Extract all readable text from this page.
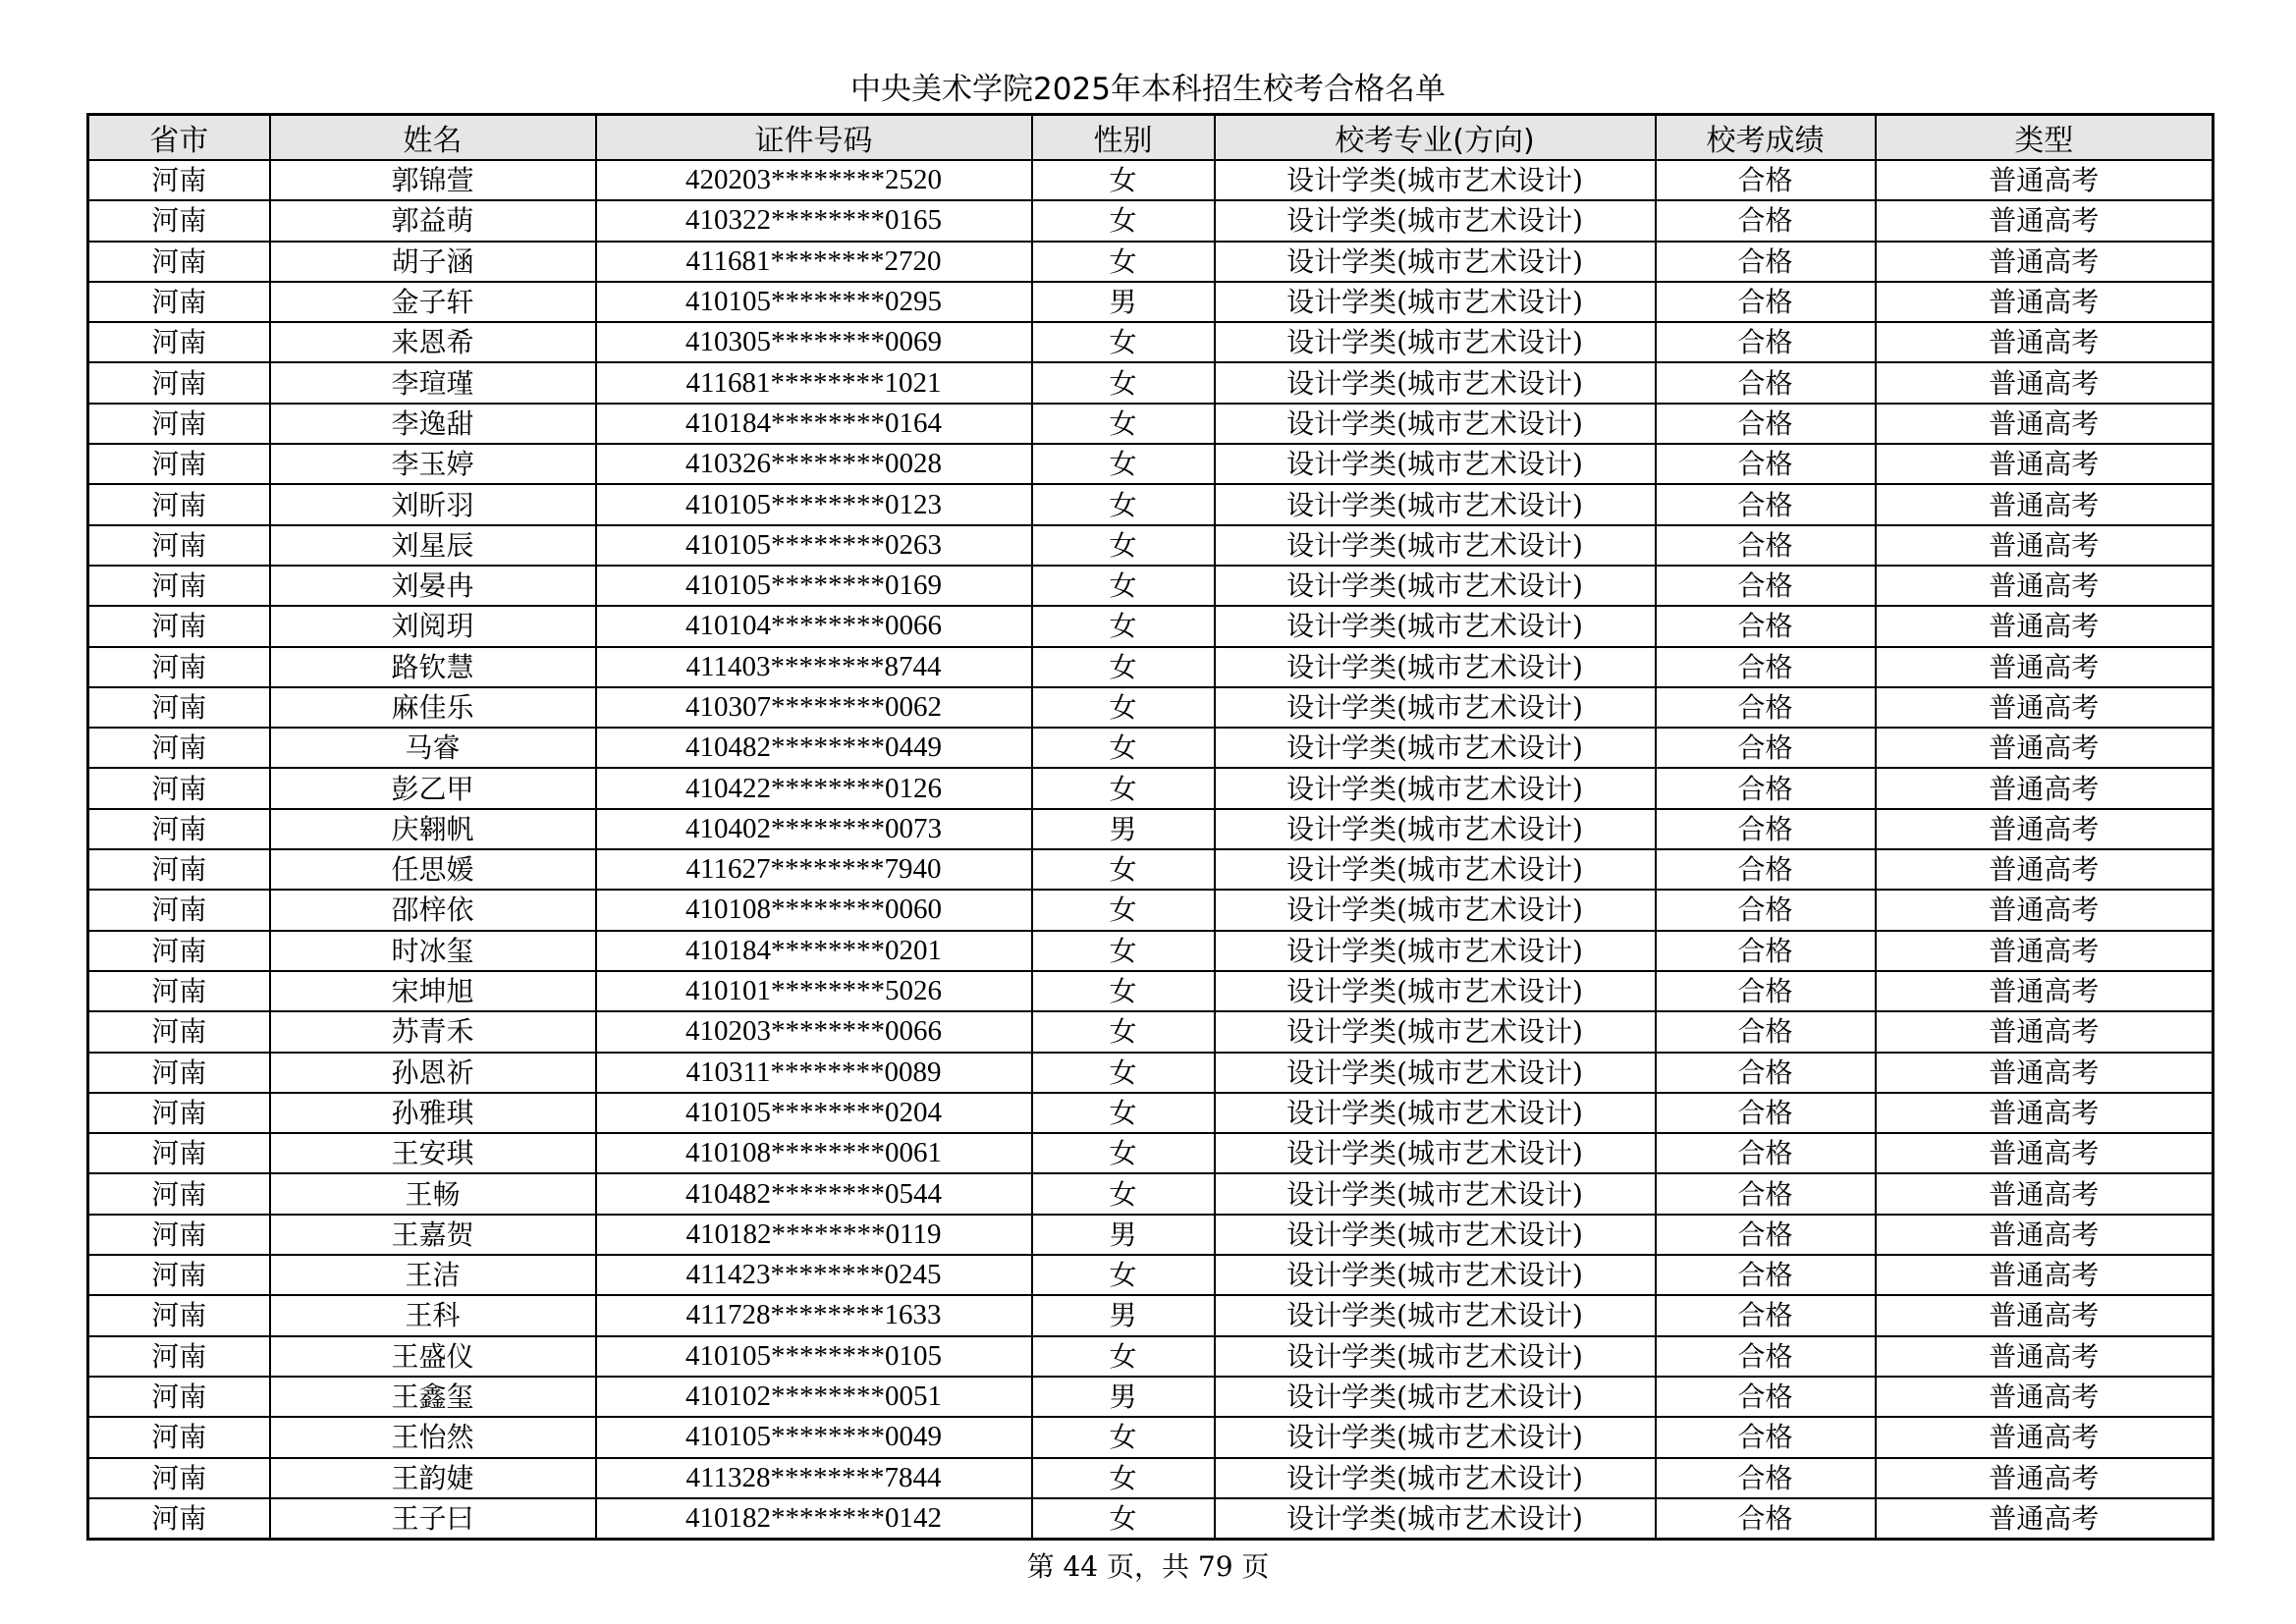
中央美术学院2025年本科招生校考合格名单
省市	姓名	证件号码	性别	校考专业(方向)	校考成绩	类型
河南	郭锦萱	420203********2520	女	设计学类(城市艺术设计)	合格	普通高考
河南	郭益萌	410322********0165	女	设计学类(城市艺术设计)	合格	普通高考
河南	胡子涵	411681********2720	女	设计学类(城市艺术设计)	合格	普通高考
河南	金子轩	410105********0295	男	设计学类(城市艺术设计)	合格	普通高考
河南	来恩希	410305********0069	女	设计学类(城市艺术设计)	合格	普通高考
河南	李瑄瑾	411681********1021	女	设计学类(城市艺术设计)	合格	普通高考
河南	李逸甜	410184********0164	女	设计学类(城市艺术设计)	合格	普通高考
河南	李玉婷	410326********0028	女	设计学类(城市艺术设计)	合格	普通高考
河南	刘昕羽	410105********0123	女	设计学类(城市艺术设计)	合格	普通高考
河南	刘星辰	410105********0263	女	设计学类(城市艺术设计)	合格	普通高考
河南	刘晏冉	410105********0169	女	设计学类(城市艺术设计)	合格	普通高考
河南	刘阅玥	410104********0066	女	设计学类(城市艺术设计)	合格	普通高考
河南	路钦慧	411403********8744	女	设计学类(城市艺术设计)	合格	普通高考
河南	麻佳乐	410307********0062	女	设计学类(城市艺术设计)	合格	普通高考
河南	马睿	410482********0449	女	设计学类(城市艺术设计)	合格	普通高考
河南	彭乙甲	410422********0126	女	设计学类(城市艺术设计)	合格	普通高考
河南	庆翱帆	410402********0073	男	设计学类(城市艺术设计)	合格	普通高考
河南	任思媛	411627********7940	女	设计学类(城市艺术设计)	合格	普通高考
河南	邵梓依	410108********0060	女	设计学类(城市艺术设计)	合格	普通高考
河南	时冰玺	410184********0201	女	设计学类(城市艺术设计)	合格	普通高考
河南	宋坤旭	410101********5026	女	设计学类(城市艺术设计)	合格	普通高考
河南	苏青禾	410203********0066	女	设计学类(城市艺术设计)	合格	普通高考
河南	孙恩祈	410311********0089	女	设计学类(城市艺术设计)	合格	普通高考
河南	孙雅琪	410105********0204	女	设计学类(城市艺术设计)	合格	普通高考
河南	王安琪	410108********0061	女	设计学类(城市艺术设计)	合格	普通高考
河南	王畅	410482********0544	女	设计学类(城市艺术设计)	合格	普通高考
河南	王嘉贺	410182********0119	男	设计学类(城市艺术设计)	合格	普通高考
河南	王洁	411423********0245	女	设计学类(城市艺术设计)	合格	普通高考
河南	王科	411728********1633	男	设计学类(城市艺术设计)	合格	普通高考
河南	王盛仪	410105********0105	女	设计学类(城市艺术设计)	合格	普通高考
河南	王鑫玺	410102********0051	男	设计学类(城市艺术设计)	合格	普通高考
河南	王怡然	410105********0049	女	设计学类(城市艺术设计)	合格	普通高考
河南	王韵婕	411328********7844	女	设计学类(城市艺术设计)	合格	普通高考
河南	王子曰	410182********0142	女	设计学类(城市艺术设计)	合格	普通高考
第 44 页，共 79 页
